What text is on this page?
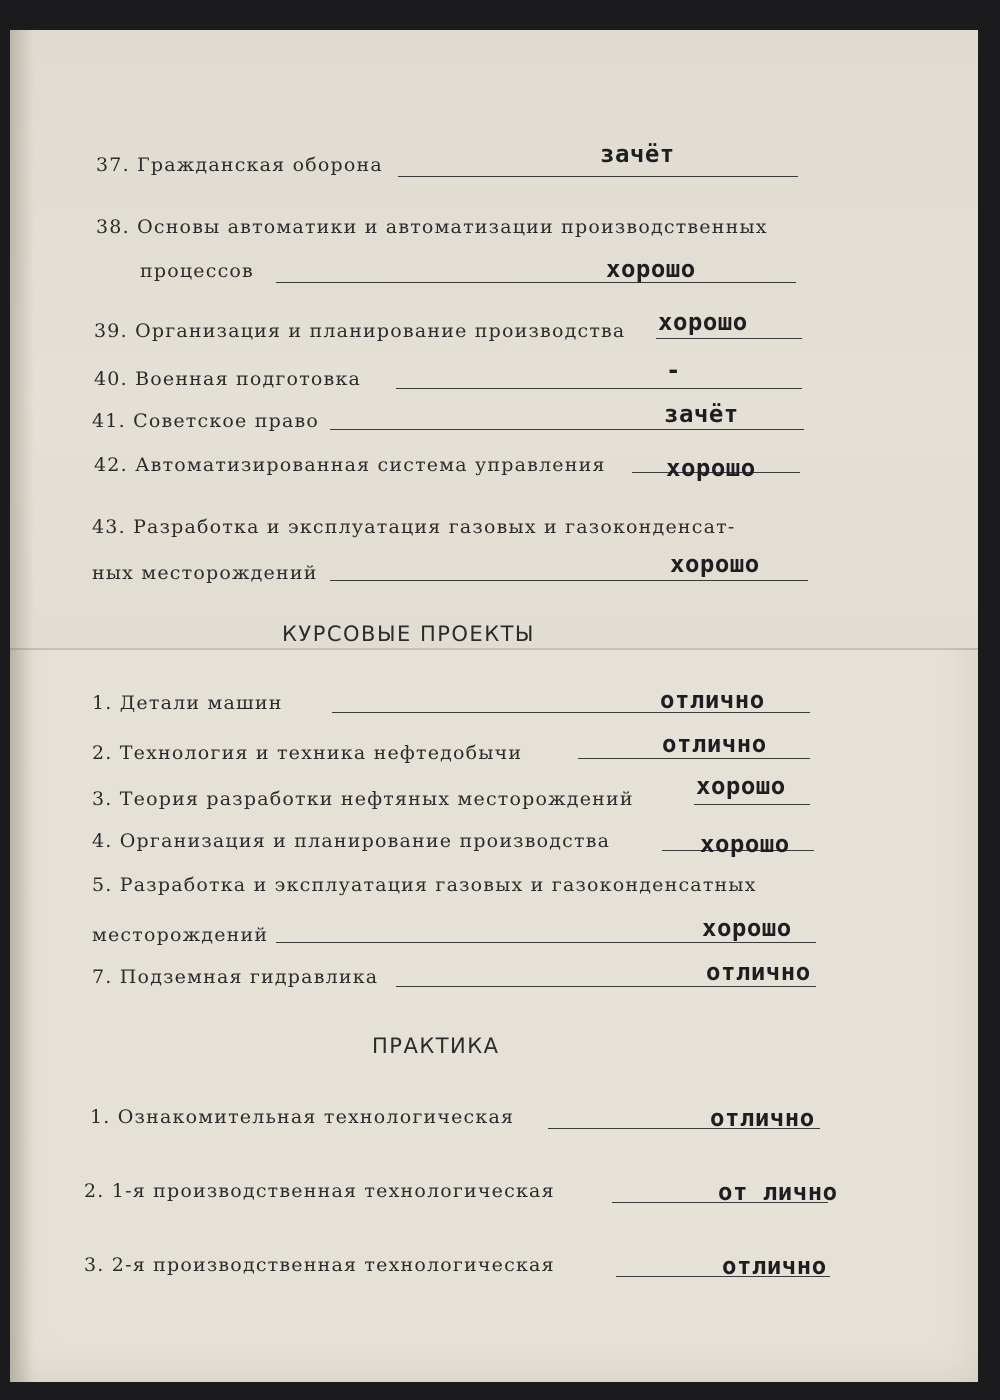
37. Гражданская оборона	зачёт
38. Основы автоматики и автоматизации производственных
процессов	хорошо
39. Организация и планирование производства хорошо
40. Военная подготовка	-
41. Советское право	зачёт
42. Автоматизированная система управления	хорошо
43. Разработка и эксплуатация газовых и газоконденсат-
ных месторождений	хорошо
КУРСОВЫЕ ПРОЕКТЫ
1. Детали машин	отлично
2. Технология и техника нефтедобычи	отлично
3. Теория разработки нефтяных месторождений	хорошо
4. Организация и планирование производства	хорошо
5. Разработка и эксплуатация газовых и газоконденсатных
месторождений	хорошо
7. Подземная гидравлика	отлично
ПРАКТИКА
1. Ознакомительная технологическая	отлично
2. 1-я производственная технологическая	от лично
3. 2-я производственная технологическая	отлично
